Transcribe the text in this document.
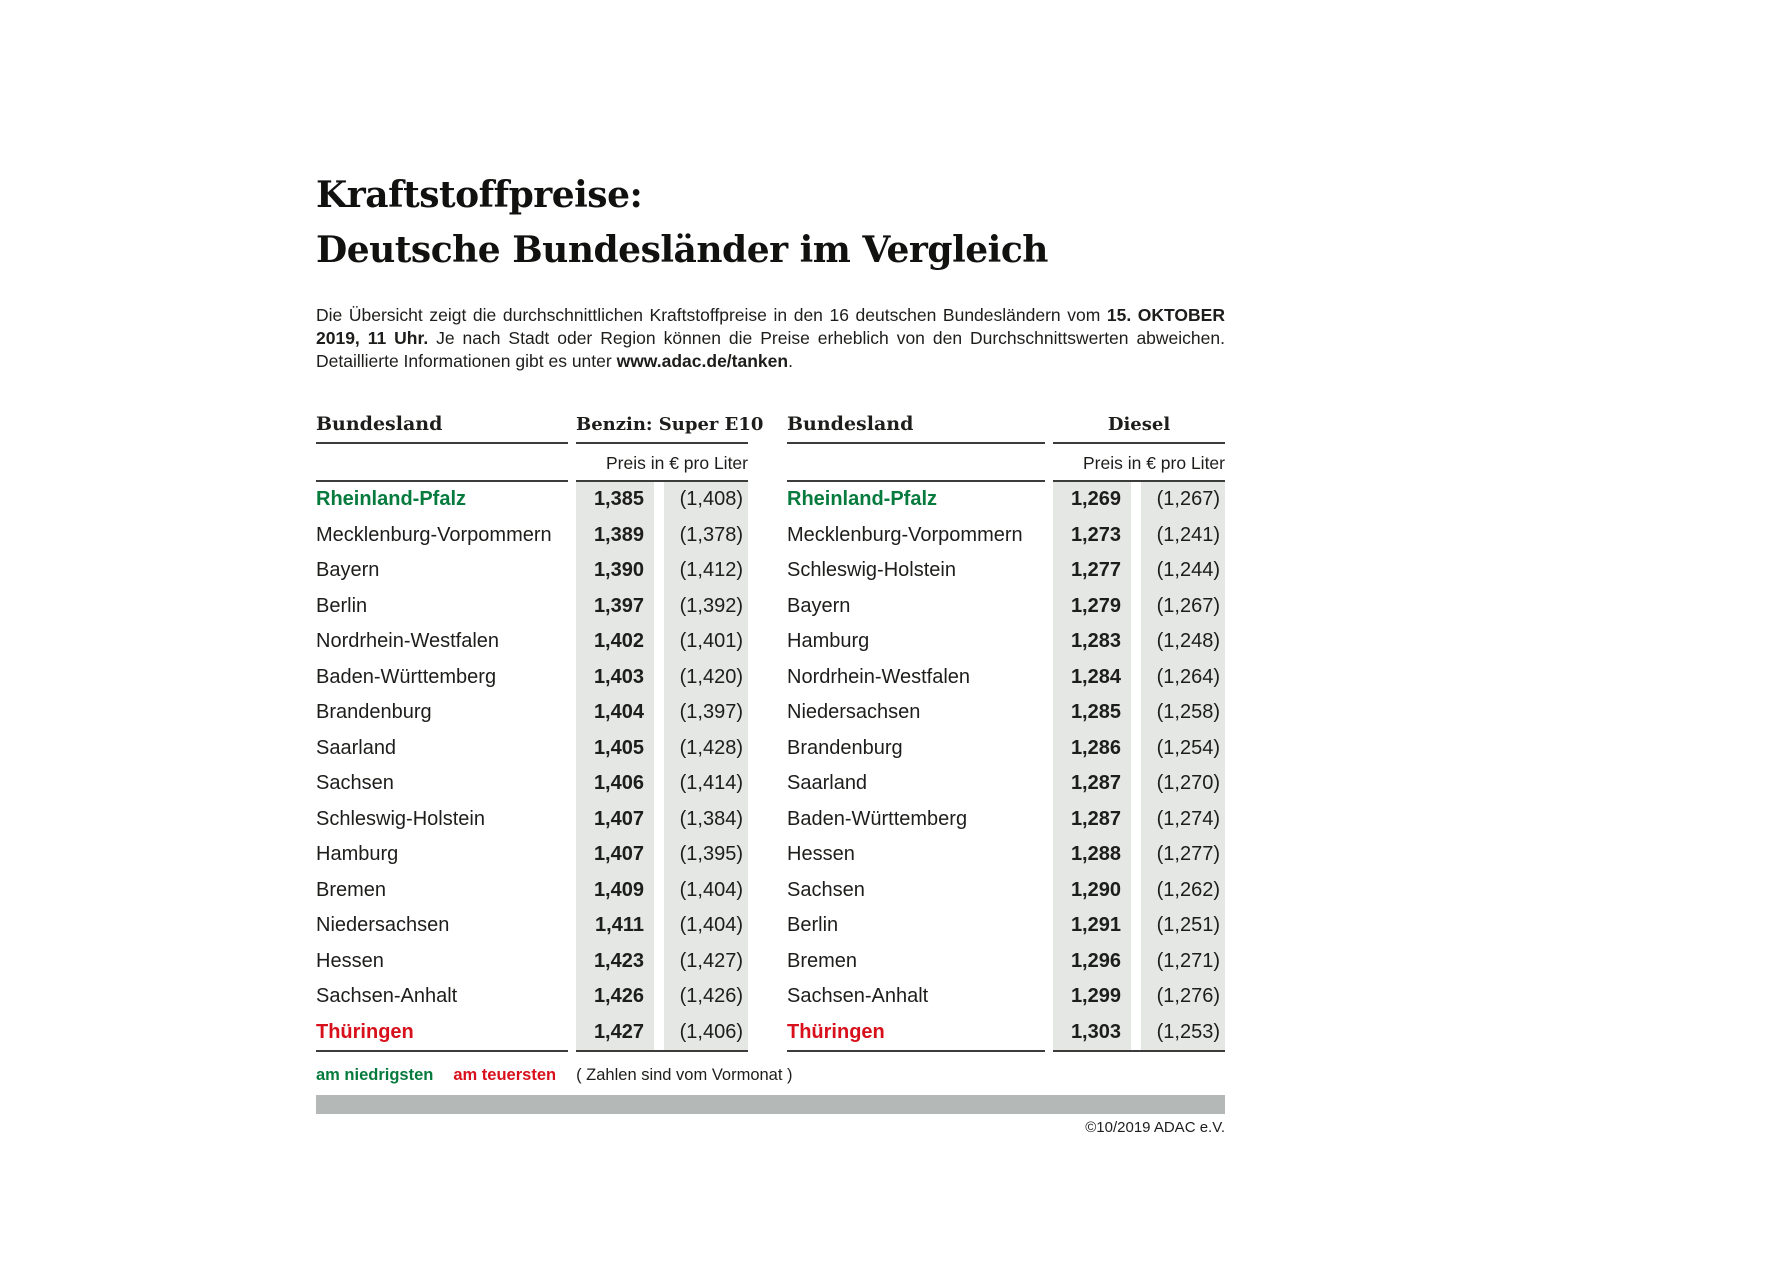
Kraftstoffpreise:
Deutsche Bundesländer im Vergleich

Die Übersicht zeigt die durchschnittlichen Kraftstoffpreise in den 16 deutschen Bundesländern vom 15. OKTOBER 2019, 11 Uhr. Je nach Stadt oder Region können die Preise erheblich von den Durchschnittswerten abweichen. Detaillierte Informationen gibt es unter www.adac.de/tanken.

Bundesland	Benzin: Super E10
Preis in € pro Liter
Rheinland-Pfalz	1,385	(1,408)
Mecklenburg-Vorpommern	1,389	(1,378)
Bayern	1,390	(1,412)
Berlin	1,397	(1,392)
Nordrhein-Westfalen	1,402	(1,401)
Baden-Württemberg	1,403	(1,420)
Brandenburg	1,404	(1,397)
Saarland	1,405	(1,428)
Sachsen	1,406	(1,414)
Schleswig-Holstein	1,407	(1,384)
Hamburg	1,407	(1,395)
Bremen	1,409	(1,404)
Niedersachsen	1,411	(1,404)
Hessen	1,423	(1,427)
Sachsen-Anhalt	1,426	(1,426)
Thüringen	1,427	(1,406)
Bundesland	Diesel
Preis in € pro Liter
Rheinland-Pfalz	1,269	(1,267)
Mecklenburg-Vorpommern	1,273	(1,241)
Schleswig-Holstein	1,277	(1,244)
Bayern	1,279	(1,267)
Hamburg	1,283	(1,248)
Nordrhein-Westfalen	1,284	(1,264)
Niedersachsen	1,285	(1,258)
Brandenburg	1,286	(1,254)
Saarland	1,287	(1,270)
Baden-Württemberg	1,287	(1,274)
Hessen	1,288	(1,277)
Sachsen	1,290	(1,262)
Berlin	1,291	(1,251)
Bremen	1,296	(1,271)
Sachsen-Anhalt	1,299	(1,276)
Thüringen	1,303	(1,253)
am niedrigsten am teuersten ( Zahlen sind vom Vormonat )
©10/2019 ADAC e.V.
